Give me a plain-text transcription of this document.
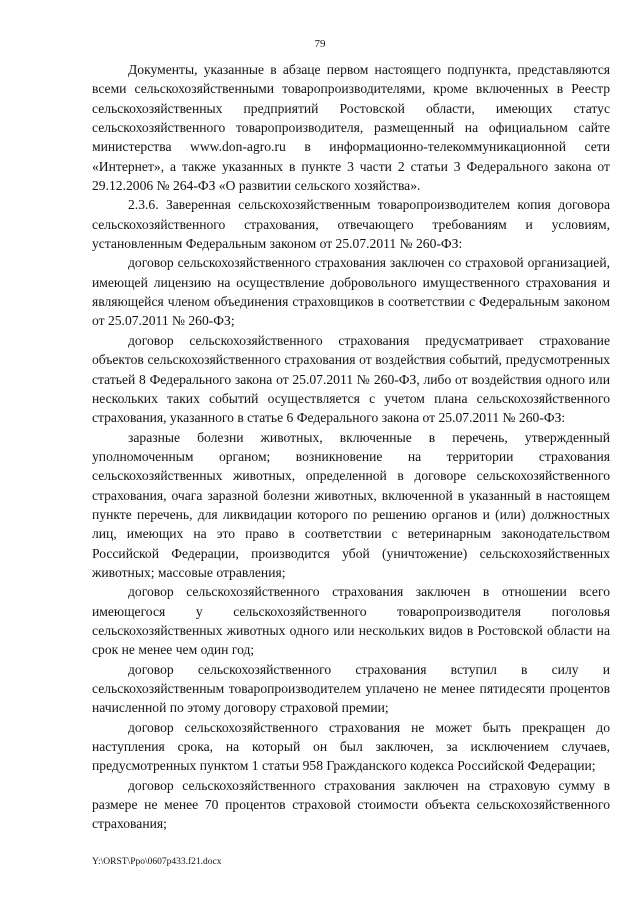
79

Документы, указанные в абзаце первом настоящего подпункта, представляются всеми сельскохозяйственными товаропроизводителями, кроме включенных в Реестр сельскохозяйственных предприятий Ростовской области, имеющих статус сельскохозяйственного товаропроизводителя, размещенный на официальном сайте министерства www.don-agro.ru в информационно-телекоммуникационной сети «Интернет», а также указанных в пункте 3 части 2 статьи 3 Федерального закона от 29.12.2006 № 264-ФЗ «О развитии сельского хозяйства».

2.3.6. Заверенная сельскохозяйственным товаропроизводителем копия договора сельскохозяйственного страхования, отвечающего требованиям и условиям, установленным Федеральным законом от 25.07.2011 № 260-ФЗ:

договор сельскохозяйственного страхования заключен со страховой организацией, имеющей лицензию на осуществление добровольного имущественного страхования и являющейся членом объединения страховщиков в соответствии с Федеральным законом от 25.07.2011 № 260-ФЗ;

договор сельскохозяйственного страхования предусматривает страхование объектов сельскохозяйственного страхования от воздействия событий, предусмотренных статьей 8 Федерального закона от 25.07.2011 № 260-ФЗ, либо от воздействия одного или нескольких таких событий осуществляется с учетом плана сельскохозяйственного страхования, указанного в статье 6 Федерального закона от 25.07.2011 № 260-ФЗ:

заразные болезни животных, включенные в перечень, утвержденный уполномоченным органом; возникновение на территории страхования сельскохозяйственных животных, определенной в договоре сельскохозяйственного страхования, очага заразной болезни животных, включенной в указанный в настоящем пункте перечень, для ликвидации которого по решению органов и (или) должностных лиц, имеющих на это право в соответствии с ветеринарным законодательством Российской Федерации, производится убой (уничтожение) сельскохозяйственных животных; массовые отравления;

договор сельскохозяйственного страхования заключен в отношении всего имеющегося у сельскохозяйственного товаропроизводителя поголовья сельскохозяйственных животных одного или нескольких видов в Ростовской области на срок не менее чем один год;

договор сельскохозяйственного страхования вступил в силу и сельскохозяйственным товаропроизводителем уплачено не менее пятидесяти процентов начисленной по этому договору страховой премии;

договор сельскохозяйственного страхования не может быть прекращен до наступления срока, на который он был заключен, за исключением случаев, предусмотренных пунктом 1 статьи 958 Гражданского кодекса Российской Федерации;

договор сельскохозяйственного страхования заключен на страховую сумму в размере не менее 70 процентов страховой стоимости объекта сельскохозяйственного страхования;

Y:\ORST\Ppo\0607p433.f21.docx
